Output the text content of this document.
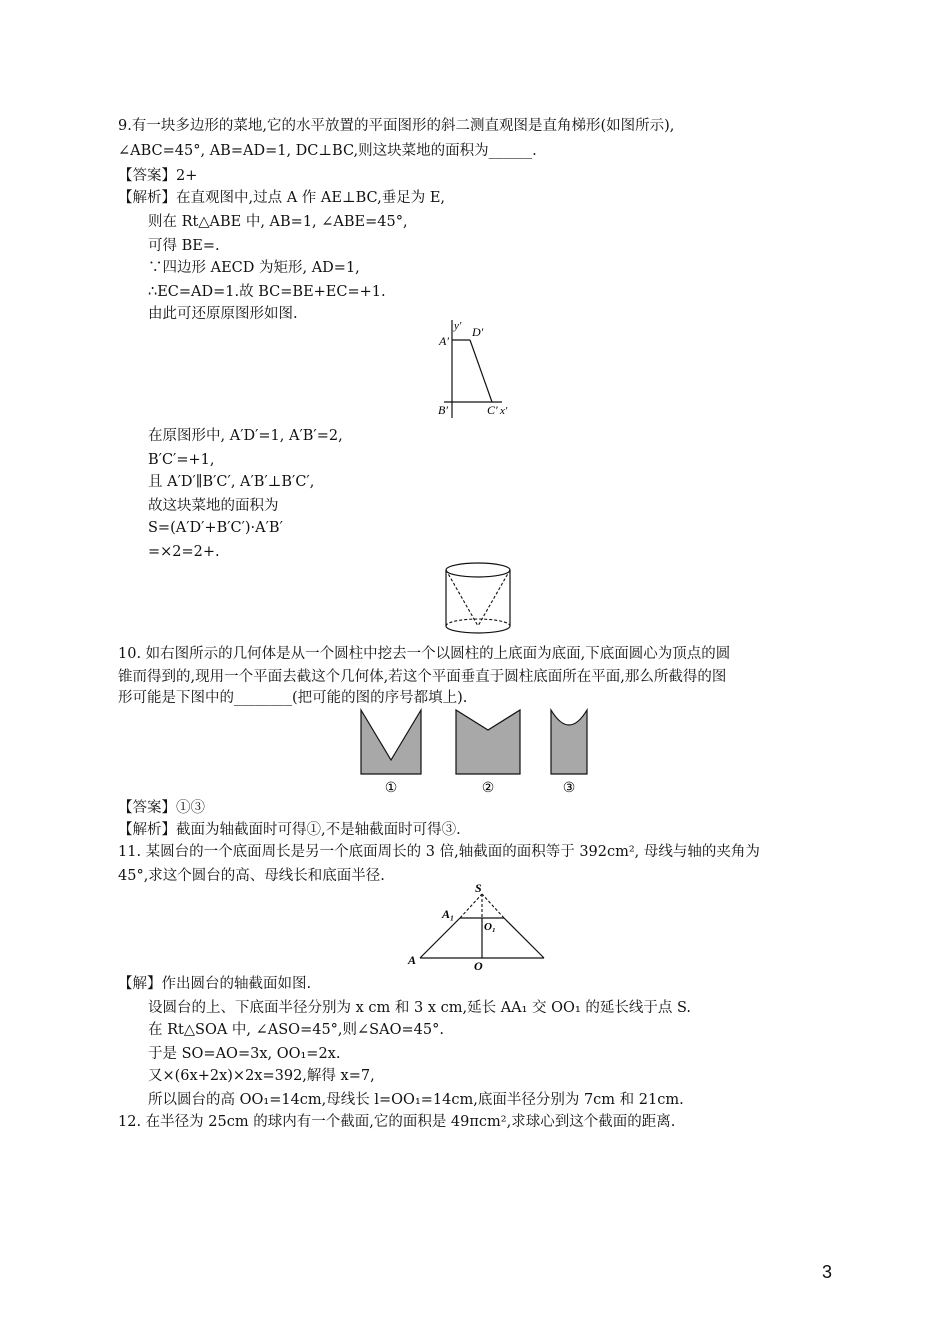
9.有一块多边形的菜地,它的水平放置的平面图形的斜二测直观图是直角梯形(如图所示),
∠ABC=45°, AB=AD=1, DC⊥BC,则这块菜地的面积为______.
【答案】2+
【解析】在直观图中,过点 A 作 AE⊥BC,垂足为 E,
则在 Rt△ABE 中, AB=1, ∠ABE=45°,
可得 BE=.
∵四边形 AECD 为矩形, AD=1,
∴EC=AD=1.故 BC=BE+EC=+1.
由此可还原原图形如图.
y′ D′
A′
B′	C′ x′
在原图形中, A′D′=1, A′B′=2,
B′C′=+1,
且 A′D′∥B′C′, A′B′⊥B′C′,
故这块菜地的面积为
S=(A′D′+B′C′)·A′B′
=×2=2+.
10. 如右图所示的几何体是从一个圆柱中挖去一个以圆柱的上底面为底面,下底面圆心为顶点的圆
锥而得到的,现用一个平面去截这个几何体,若这个平面垂直于圆柱底面所在平面,那么所截得的图
形可能是下图中的________(把可能的图的序号都填上).
①	②	③
【答案】①③
【解析】截面为轴截面时可得①,不是轴截面时可得③.
11. 某圆台的一个底面周长是另一个底面周长的 3 倍,轴截面的面积等于 392cm², 母线与轴的夹角为
45°,求这个圆台的高、母线长和底面半径.
S
A₁
O₁
A	O
【解】作出圆台的轴截面如图.
设圆台的上、下底面半径分别为 x cm 和 3 x cm,延长 AA₁ 交 OO₁ 的延长线于点 S.
在 Rt△SOA 中, ∠ASO=45°,则∠SAO=45°.
于是 SO=AO=3x, OO₁=2x.
又×(6x+2x)×2x=392,解得 x=7,
所以圆台的高 OO₁=14cm,母线长 l=OO₁=14cm,底面半径分别为 7cm 和 21cm.
12. 在半径为 25cm 的球内有一个截面,它的面积是 49πcm²,求球心到这个截面的距离.
3
